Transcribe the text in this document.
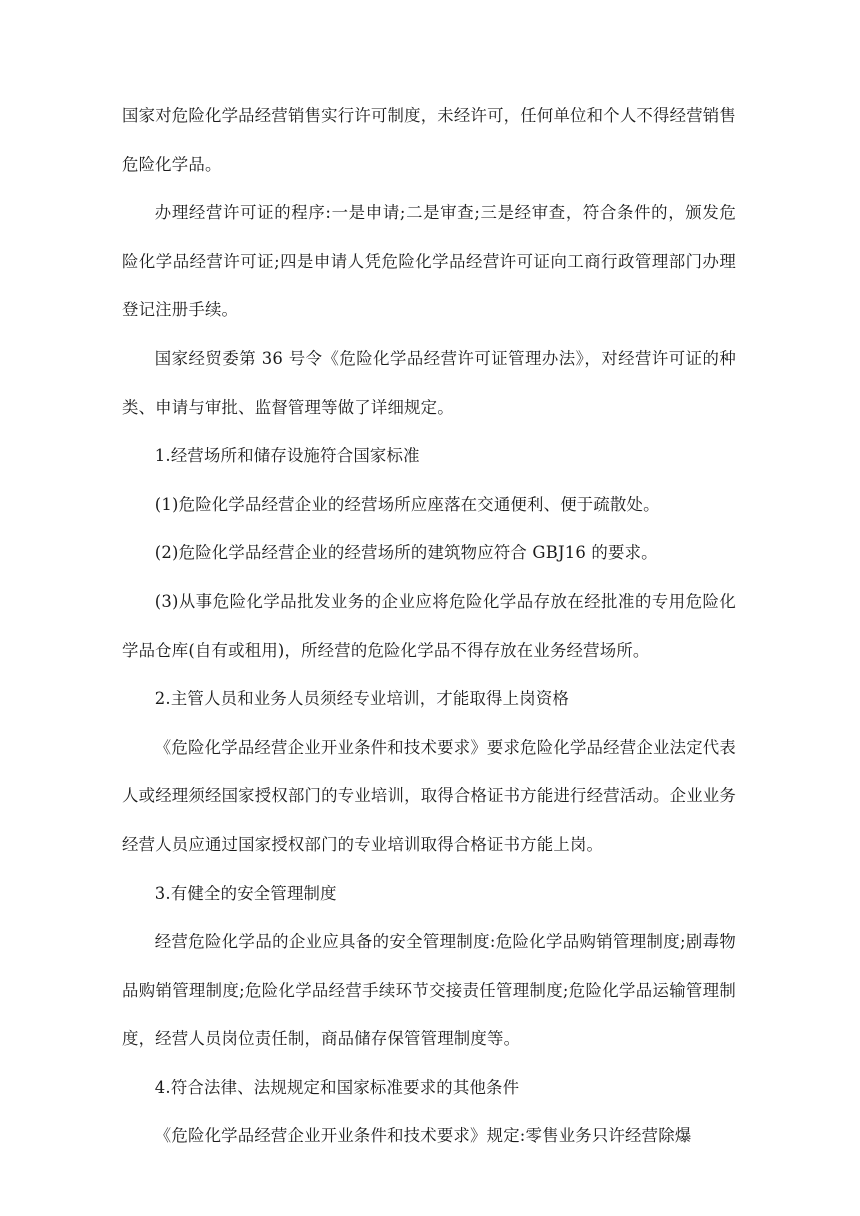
国家对危险化学品经营销售实行许可制度，未经许可，任何单位和个人不得经营销售危险化学品。

办理经营许可证的程序:一是申请;二是审查;三是经审查，符合条件的，颁发危险化学品经营许可证;四是申请人凭危险化学品经营许可证向工商行政管理部门办理登记注册手续。

国家经贸委第 36 号令《危险化学品经营许可证管理办法》，对经营许可证的种类、申请与审批、监督管理等做了详细规定。

1.经营场所和储存设施符合国家标准

(1)危险化学品经营企业的经营场所应座落在交通便利、便于疏散处。

(2)危险化学品经营企业的经营场所的建筑物应符合 GBJ16 的要求。

(3)从事危险化学品批发业务的企业应将危险化学品存放在经批准的专用危险化学品仓库(自有或租用)，所经营的危险化学品不得存放在业务经营场所。

2.主管人员和业务人员须经专业培训，才能取得上岗资格

《危险化学品经营企业开业条件和技术要求》要求危险化学品经营企业法定代表人或经理须经国家授权部门的专业培训，取得合格证书方能进行经营活动。企业业务经营人员应通过国家授权部门的专业培训取得合格证书方能上岗。

3.有健全的安全管理制度

经营危险化学品的企业应具备的安全管理制度:危险化学品购销管理制度;剧毒物品购销管理制度;危险化学品经营手续环节交接责任管理制度;危险化学品运输管理制度，经营人员岗位责任制，商品储存保管管理制度等。

4.符合法律、法规规定和国家标准要求的其他条件

《危险化学品经营企业开业条件和技术要求》规定:零售业务只许经营除爆
